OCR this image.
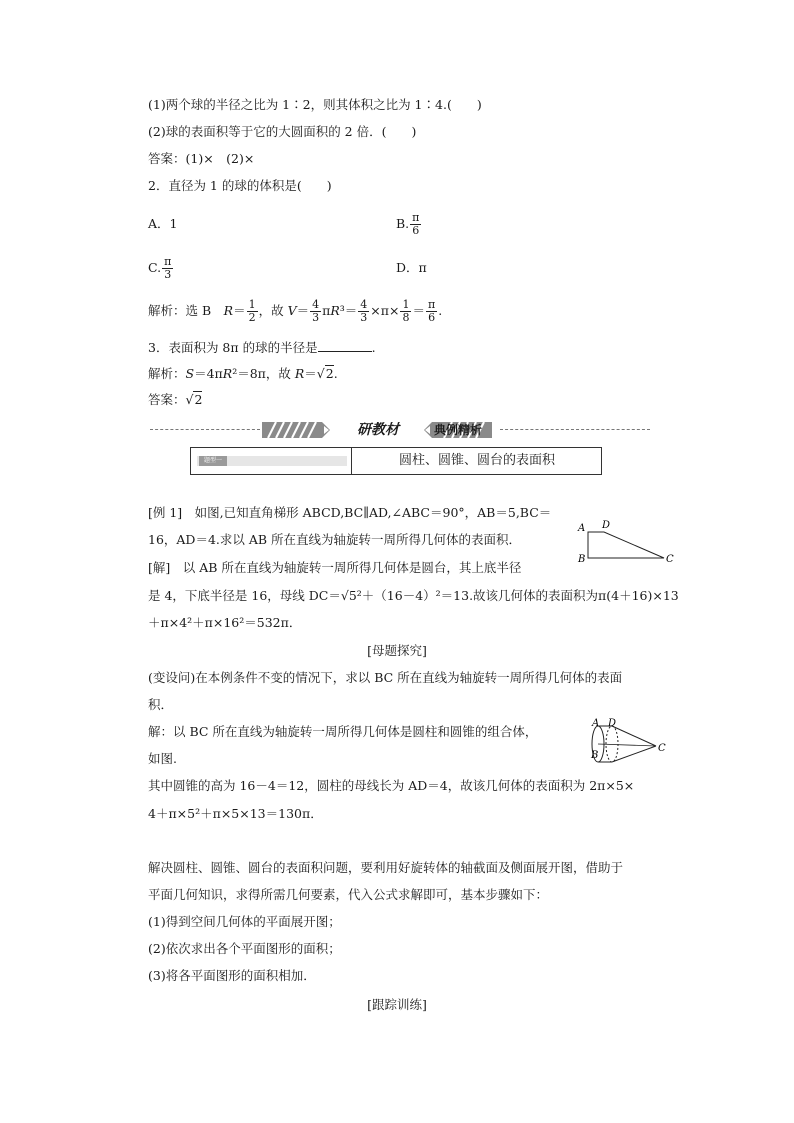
(1)两个球的半径之比为 1∶2，则其体积之比为 1∶4.(　　)
(2)球的表面积等于它的大圆面积的 2 倍．(　　)
答案：(1)×　(2)×
2．直径为 1 的球的体积是(　　)
A．1	B. $\frac{\pi}{6}$
C. $\frac{\pi}{3}$	D．π
解析：选 B　$R= \frac{1}{2}$ ，故 $V= \frac{4}{3} \pi R^3= \frac{4}{3} \times\pi\times \frac{1}{8} = \frac{\pi}{6}$ .
3．表面积为 8π 的球的半径是	.
解析：S＝4πR²＝8π，故 R＝√2.
答案：√2
研教材	典例精析
题型一	圆柱、圆锥、圆台的表面积
[例 1]　如图,已知直角梯形 ABCD,BC∥AD,∠ABC＝90°，AB＝5,BC＝
16，AD＝4.求以 AB 所在直线为轴旋转一周所得几何体的表面积．
[解]　以 AB 所在直线为轴旋转一周所得几何体是圆台，其上底半径
是 4，下底半径是 16，母线 DC＝√5²＋（16－4）²＝13.故该几何体的表面积为π(4＋16)×13
＋π×4²＋π×16²＝532π．
A D
B	C
[母题探究]
(变设问)在本例条件不变的情况下，求以 BC 所在直线为轴旋转一周所得几何体的表面
积．
解：以 BC 所在直线为轴旋转一周所得几何体是圆柱和圆锥的组合体，
如图.
其中圆锥的高为 16－4＝12，圆柱的母线长为 AD＝4，故该几何体的表面积为 2π×5×
4＋π×5²＋π×5×13＝130π．
A D
B
C
解决圆柱、圆锥、圆台的表面积问题，要利用好旋转体的轴截面及侧面展开图，借助于
平面几何知识，求得所需几何要素，代入公式求解即可，基本步骤如下：
(1)得到空间几何体的平面展开图；
(2)依次求出各个平面图形的面积；
(3)将各平面图形的面积相加．
[跟踪训练]
